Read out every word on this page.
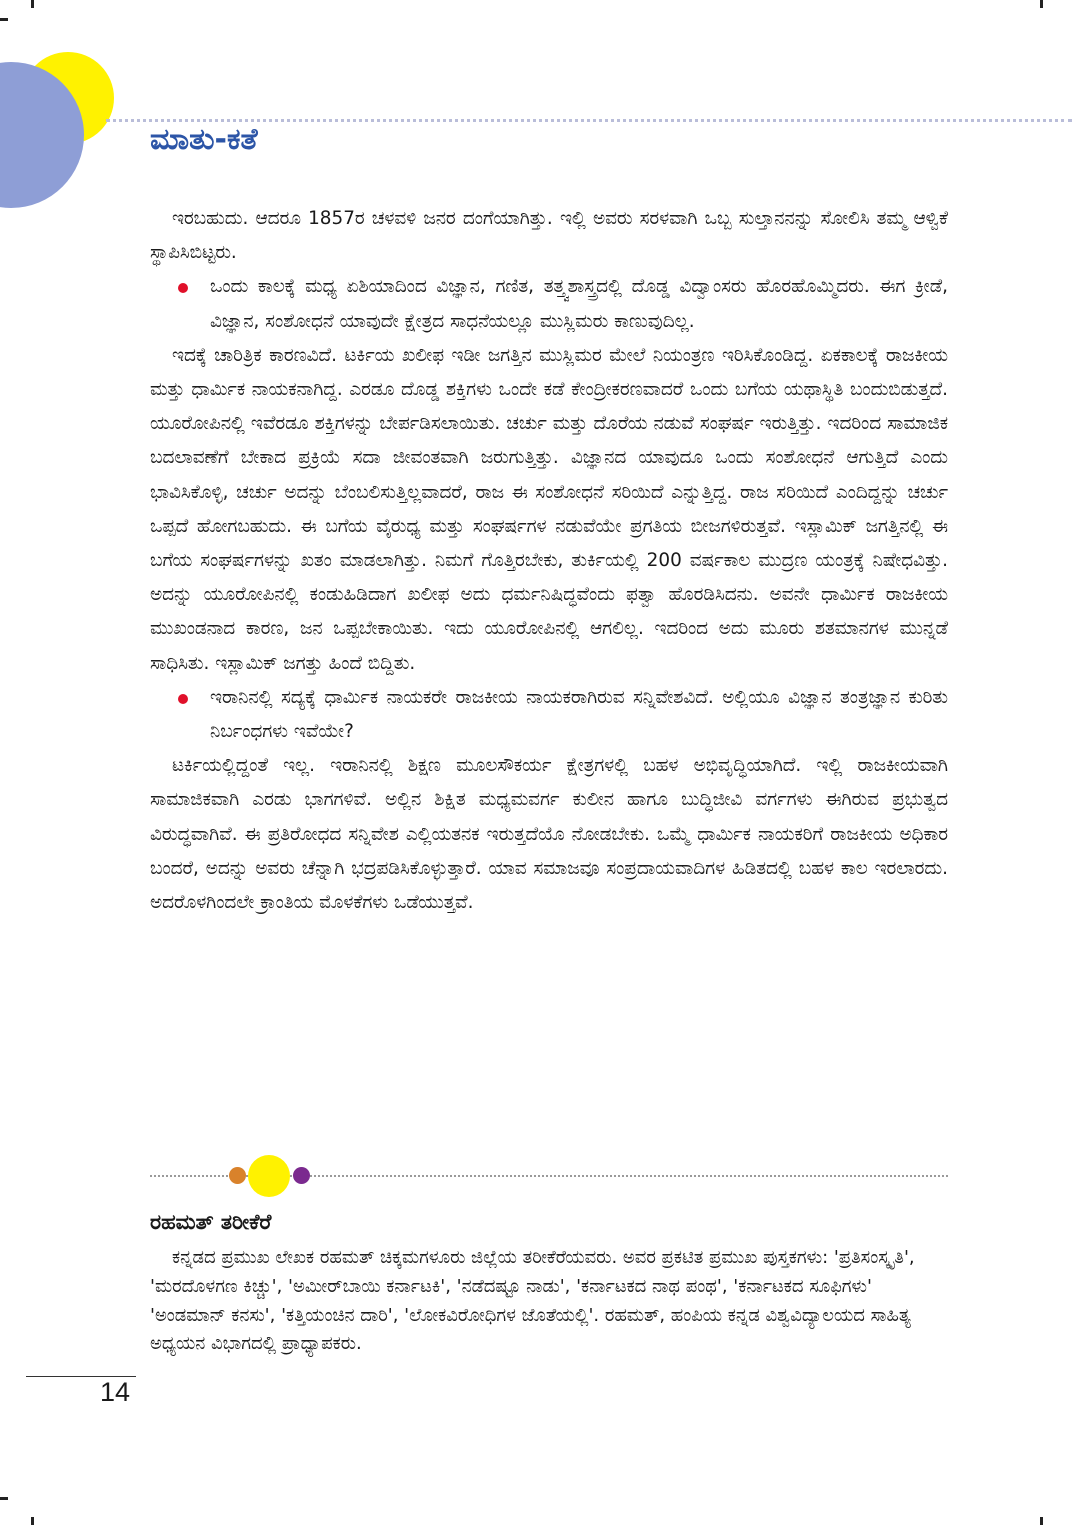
ಮಾತು-ಕತೆ

ಇರಬಹುದು. ಆದರೂ 1857ರ ಚಳವಳಿ ಜನರ ದಂಗೆಯಾಗಿತ್ತು. ಇಲ್ಲಿ ಅವರು ಸರಳವಾಗಿ ಒಬ್ಬ ಸುಲ್ತಾನನನ್ನು ಸೋಲಿಸಿ ತಮ್ಮ ಆಳ್ವಿಕೆ ಸ್ಥಾಪಿಸಿಬಿಟ್ಟರು.

ಒಂದು ಕಾಲಕ್ಕೆ ಮಧ್ಯ ಏಶಿಯಾದಿಂದ ವಿಜ್ಞಾನ, ಗಣಿತ, ತತ್ತ್ವಶಾಸ್ತ್ರದಲ್ಲಿ ದೊಡ್ಡ ವಿದ್ವಾಂಸರು ಹೊರಹೊಮ್ಮಿದರು. ಈಗ ಕ್ರೀಡೆ, ವಿಜ್ಞಾನ, ಸಂಶೋಧನೆ ಯಾವುದೇ ಕ್ಷೇತ್ರದ ಸಾಧನೆಯಲ್ಲೂ ಮುಸ್ಲಿಮರು ಕಾಣುವುದಿಲ್ಲ.

ಇದಕ್ಕೆ ಚಾರಿತ್ರಿಕ ಕಾರಣವಿದೆ. ಟರ್ಕಿಯ ಖಲೀಫ ಇಡೀ ಜಗತ್ತಿನ ಮುಸ್ಲಿಮರ ಮೇಲೆ ನಿಯಂತ್ರಣ ಇರಿಸಿಕೊಂಡಿದ್ದ. ಏಕಕಾಲಕ್ಕೆ ರಾಜಕೀಯ ಮತ್ತು ಧಾರ್ಮಿಕ ನಾಯಕನಾಗಿದ್ದ. ಎರಡೂ ದೊಡ್ಡ ಶಕ್ತಿಗಳು ಒಂದೇ ಕಡೆ ಕೇಂದ್ರೀಕರಣವಾದರೆ ಒಂದು ಬಗೆಯ ಯಥಾಸ್ಥಿತಿ ಬಂದುಬಿಡುತ್ತದೆ. ಯೂರೋಪಿನಲ್ಲಿ ಇವೆರಡೂ ಶಕ್ತಿಗಳನ್ನು ಬೇರ್ಪಡಿಸಲಾಯಿತು. ಚರ್ಚು ಮತ್ತು ದೊರೆಯ ನಡುವೆ ಸಂಘರ್ಷ ಇರುತ್ತಿತ್ತು. ಇದರಿಂದ ಸಾಮಾಜಿಕ ಬದಲಾವಣೆಗೆ ಬೇಕಾದ ಪ್ರಕ್ರಿಯೆ ಸದಾ ಜೀವಂತವಾಗಿ ಜರುಗುತ್ತಿತ್ತು. ವಿಜ್ಞಾನದ ಯಾವುದೂ ಒಂದು ಸಂಶೋಧನೆ ಆಗುತ್ತಿದೆ ಎಂದು ಭಾವಿಸಿಕೊಳ್ಳಿ, ಚರ್ಚು ಅದನ್ನು ಬೆಂಬಲಿಸುತ್ತಿಲ್ಲವಾದರೆ, ರಾಜ ಈ ಸಂಶೋಧನೆ ಸರಿಯಿದೆ ಎನ್ನುತ್ತಿದ್ದ. ರಾಜ ಸರಿಯಿದೆ ಎಂದಿದ್ದನ್ನು ಚರ್ಚು ಒಪ್ಪದೆ ಹೋಗಬಹುದು. ಈ ಬಗೆಯ ವೈರುಧ್ಯ ಮತ್ತು ಸಂಘರ್ಷಗಳ ನಡುವೆಯೇ ಪ್ರಗತಿಯ ಬೀಜಗಳಿರುತ್ತವೆ. ಇಸ್ಲಾಮಿಕ್ ಜಗತ್ತಿನಲ್ಲಿ ಈ ಬಗೆಯ ಸಂಘರ್ಷಗಳನ್ನು ಖತಂ ಮಾಡಲಾಗಿತ್ತು. ನಿಮಗೆ ಗೊತ್ತಿರಬೇಕು, ತುರ್ಕಿಯಲ್ಲಿ 200 ವರ್ಷಕಾಲ ಮುದ್ರಣ ಯಂತ್ರಕ್ಕೆ ನಿಷೇಧವಿತ್ತು. ಅದನ್ನು ಯೂರೋಪಿನಲ್ಲಿ ಕಂಡುಹಿಡಿದಾಗ ಖಲೀಫ ಅದು ಧರ್ಮನಿಷಿದ್ಧವೆಂದು ಫತ್ವಾ ಹೊರಡಿಸಿದನು. ಅವನೇ ಧಾರ್ಮಿಕ ರಾಜಕೀಯ ಮುಖಂಡನಾದ ಕಾರಣ, ಜನ ಒಪ್ಪಬೇಕಾಯಿತು. ಇದು ಯೂರೋಪಿನಲ್ಲಿ ಆಗಲಿಲ್ಲ. ಇದರಿಂದ ಅದು ಮೂರು ಶತಮಾನಗಳ ಮುನ್ನಡೆ ಸಾಧಿಸಿತು. ಇಸ್ಲಾಮಿಕ್ ಜಗತ್ತು ಹಿಂದೆ ಬಿದ್ದಿತು.

ಇರಾನಿನಲ್ಲಿ ಸದ್ಯಕ್ಕೆ ಧಾರ್ಮಿಕ ನಾಯಕರೇ ರಾಜಕೀಯ ನಾಯಕರಾಗಿರುವ ಸನ್ನಿವೇಶವಿದೆ. ಅಲ್ಲಿಯೂ ವಿಜ್ಞಾನ ತಂತ್ರಜ್ಞಾನ ಕುರಿತು ನಿರ್ಬಂಧಗಳು ಇವೆಯೇ?

ಟರ್ಕಿಯಲ್ಲಿದ್ದಂತೆ ಇಲ್ಲ. ಇರಾನಿನಲ್ಲಿ ಶಿಕ್ಷಣ ಮೂಲಸೌಕರ್ಯ ಕ್ಷೇತ್ರಗಳಲ್ಲಿ ಬಹಳ ಅಭಿವೃದ್ಧಿಯಾಗಿದೆ. ಇಲ್ಲಿ ರಾಜಕೀಯವಾಗಿ ಸಾಮಾಜಿಕವಾಗಿ ಎರಡು ಭಾಗಗಳಿವೆ. ಅಲ್ಲಿನ ಶಿಕ್ಷಿತ ಮಧ್ಯಮವರ್ಗ ಕುಲೀನ ಹಾಗೂ ಬುದ್ಧಿಜೀವಿ ವರ್ಗಗಳು ಈಗಿರುವ ಪ್ರಭುತ್ವದ ವಿರುದ್ಧವಾಗಿವೆ. ಈ ಪ್ರತಿರೋಧದ ಸನ್ನಿವೇಶ ಎಲ್ಲಿಯತನಕ ಇರುತ್ತದೆಯೊ ನೋಡಬೇಕು. ಒಮ್ಮೆ ಧಾರ್ಮಿಕ ನಾಯಕರಿಗೆ ರಾಜಕೀಯ ಅಧಿಕಾರ ಬಂದರೆ, ಅದನ್ನು ಅವರು ಚೆನ್ನಾಗಿ ಭದ್ರಪಡಿಸಿಕೊಳ್ಳುತ್ತಾರೆ. ಯಾವ ಸಮಾಜವೂ ಸಂಪ್ರದಾಯವಾದಿಗಳ ಹಿಡಿತದಲ್ಲಿ ಬಹಳ ಕಾಲ ಇರಲಾರದು. ಅದರೊಳಗಿಂದಲೇ ಕ್ರಾಂತಿಯ ಮೊಳಕೆಗಳು ಒಡೆಯುತ್ತವೆ.

ರಹಮತ್ ತರೀಕೆರೆ

ಕನ್ನಡದ ಪ್ರಮುಖ ಲೇಖಕ ರಹಮತ್ ಚಿಕ್ಕಮಗಳೂರು ಜಿಲ್ಲೆಯ ತರೀಕೆರೆಯವರು. ಅವರ ಪ್ರಕಟಿತ ಪ್ರಮುಖ ಪುಸ್ತಕಗಳು: 'ಪ್ರತಿಸಂಸ್ಕೃತಿ', 'ಮರದೊಳಗಣ ಕಿಚ್ಚು', 'ಅಮೀರ್‌ಬಾಯಿ ಕರ್ನಾಟಕಿ', 'ನಡೆದಷ್ಟೂ ನಾಡು', 'ಕರ್ನಾಟಕದ ನಾಥ ಪಂಥ', 'ಕರ್ನಾಟಕದ ಸೂಫಿಗಳು' 'ಅಂಡಮಾನ್ ಕನಸು', 'ಕತ್ತಿಯಂಚಿನ ದಾರಿ', 'ಲೋಕವಿರೋಧಿಗಳ ಜೊತೆಯಲ್ಲಿ'. ರಹಮತ್, ಹಂಪಿಯ ಕನ್ನಡ ವಿಶ್ವವಿದ್ಯಾಲಯದ ಸಾಹಿತ್ಯ ಅಧ್ಯಯನ ವಿಭಾಗದಲ್ಲಿ ಪ್ರಾಧ್ಯಾಪಕರು.

14
